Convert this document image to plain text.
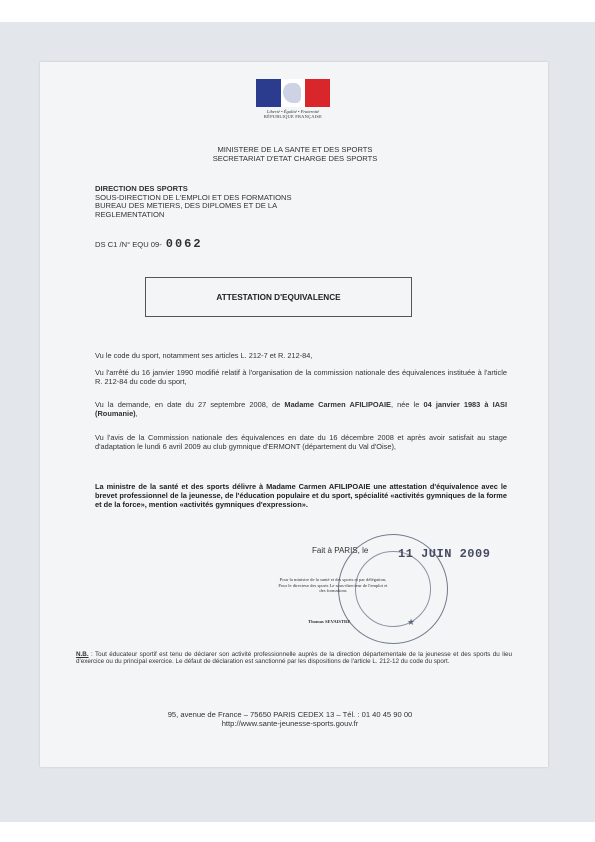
Liberté • Égalité • Fraternité
RÉPUBLIQUE FRANÇAISE
MINISTERE DE LA SANTE ET DES SPORTS
SECRETARIAT D'ETAT CHARGE DES SPORTS
DIRECTION DES SPORTS
SOUS-DIRECTION DE L'EMPLOI ET DES FORMATIONS
BUREAU DES METIERS, DES DIPLOMES ET DE LA
REGLEMENTATION
DS C1 /N° EQU 09- 0062
ATTESTATION D'EQUIVALENCE
Vu le code du sport, notamment ses articles L. 212-7 et R. 212-84,
Vu l'arrêté du 16 janvier 1990 modifié relatif à l'organisation de la commission nationale des équivalences instituée à l'article R. 212-84 du code du sport,
Vu la demande, en date du 27 septembre 2008, de Madame Carmen AFILIPOAIE, née le 04 janvier 1983 à IASI (Roumanie),
Vu l'avis de la Commission nationale des équivalences en date du 16 décembre 2008 et après avoir satisfait au stage d'adaptation le lundi 6 avril 2009 au club gymnique d'ERMONT (département du Val d'Oise),
La ministre de la santé et des sports délivre à Madame Carmen AFILIPOAIE une attestation d'équivalence avec le brevet professionnel de la jeunesse, de l'éducation populaire et du sport, spécialité «activités gymniques de la forme et de la force», mention «activités gymniques d'expression».
★
Fait à PARIS, le 11 JUIN 2009
Pour la ministre de la santé et des sports et par délégation, Pour le directeur des sports Le sous-directeur de l'emploi et des formations
Thomas SEVAISTRE
N.B. : Tout éducateur sportif est tenu de déclarer son activité professionnelle auprès de la direction départementale de la jeunesse et des sports du lieu d'exercice ou du principal exercice. Le défaut de déclaration est sanctionné par les dispositions de l'article L. 212-12 du code du sport.
95, avenue de France – 75650 PARIS CEDEX 13 – Tél. : 01 40 45 90 00
http://www.sante-jeunesse-sports.gouv.fr
